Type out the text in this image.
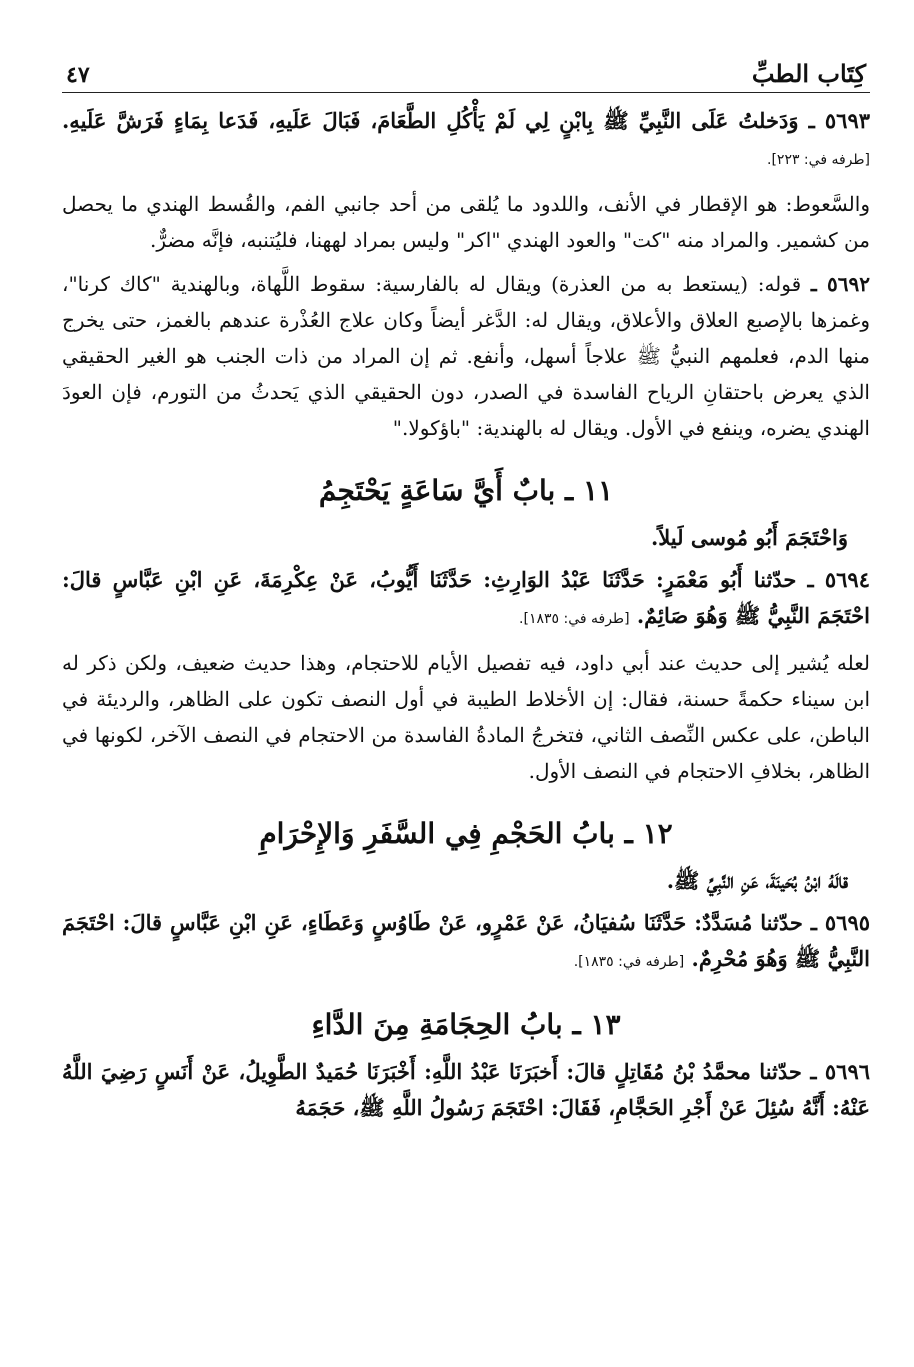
كِتَاب الطبِّ
٤٧

٥٦٩٣ ـ وَدَخلتُ عَلَى النَّبِيِّ ﷺ بِابْنٍ لِي لَمْ يَأْكُلِ الطَّعَامَ، فَبَالَ عَلَيهِ، فَدَعا بِمَاءٍ فَرَشَّ عَلَيهِ. [طرفه في: ٢٢٣].

والسَّعوط: هو الإقطار في الأنف، واللدود ما يُلقى من أحد جانبي الفم، والقُسط الهندي ما يحصل من كشمير. والمراد منه "كت" والعود الهندي "اكر" وليس بمراد لههنا، فليُتنبه، فإنَّه مضرٌّ.

٥٦٩٢ ـ قوله: (يستعط به من العذرة) ويقال له بالفارسية: سقوط اللَّهاة، وبالهندية "كاك كرنا"، وغمزها بالإصبع العلاق والأعلاق، ويقال له: الدَّغر أيضاً وكان علاج العُذْرة عندهم بالغمز، حتى يخرج منها الدم، فعلمهم النبيُّ ﷺ علاجاً أسهل، وأنفع. ثم إن المراد من ذات الجنب هو الغير الحقيقي الذي يعرض باحتقانِ الرياح الفاسدة في الصدر، دون الحقيقي الذي يَحدثُ من التورم، فإن العودَ الهندي يضره، وينفع في الأول. ويقال له بالهندية: "باؤكولا."

١١ ـ بابٌ أَيَّ سَاعَةٍ يَحْتَجِمُ

وَاحْتَجَمَ أَبُو مُوسى لَيلاً.

٥٦٩٤ ـ حدّثنا أَبُو مَعْمَرٍ: حَدَّثَنَا عَبْدُ الوَارِثِ: حَدَّثَنَا أَيُّوبُ، عَنْ عِكْرِمَةَ، عَنِ ابْنِ عَبَّاسٍ قالَ: احْتَجَمَ النَّبِيُّ ﷺ وَهُوَ صَائِمٌ. [طرفه في: ١٨٣٥].

لعله يُشير إلى حديث عند أبي داود، فيه تفصيل الأيام للاحتجام، وهذا حديث ضعيف، ولكن ذكر له ابن سيناء حكمةً حسنة، فقال: إن الأخلاط الطيبة في أول النصف تكون على الظاهر، والرديئة في الباطن، على عكس النِّصف الثاني، فتخرجُ المادةُ الفاسدة من الاحتجام في النصف الآخر، لكونها في الظاهر، بخلافِ الاحتجام في النصف الأول.

١٢ ـ بابُ الحَجْمِ فِي السَّفَرِ وَالإِحْرَامِ

قالَهُ ابْنُ بُحَينَةَ، عَنِ النَّبِيِّ ﷺ.

٥٦٩٥ ـ حدّثنا مُسَدَّدٌ: حَدَّثَنَا سُفيَانُ، عَنْ عَمْرٍو، عَنْ طَاوُسٍ وَعَطَاءٍ، عَنِ ابْنِ عَبَّاسٍ قالَ: احْتَجَمَ النَّبِيُّ ﷺ وَهُوَ مُحْرِمٌ. [طرفه في: ١٨٣٥].

١٣ ـ بابُ الحِجَامَةِ مِنَ الدَّاءِ

٥٦٩٦ ـ حدّثنا محمَّدُ بْنُ مُقَاتِلٍ قالَ: أَخبَرَنَا عَبْدُ اللَّهِ: أَخْبَرَنَا حُمَيدٌ الطَّوِيلُ، عَنْ أَنَسٍ رَضِيَ اللَّهُ عَنْهُ: أَنَّهُ سُئِلَ عَنْ أَجْرِ الحَجَّامِ، فَقَالَ: احْتَجَمَ رَسُولُ اللَّهِ ﷺ، حَجَمَهُ
